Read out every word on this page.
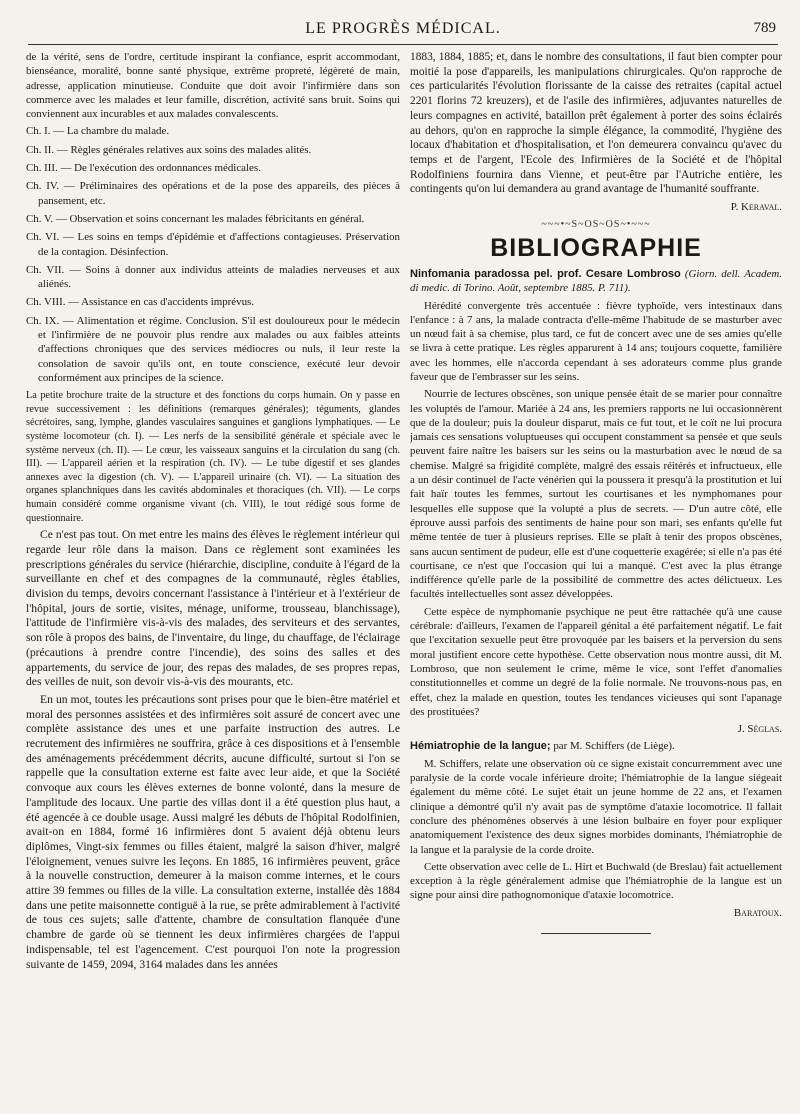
LE PROGRÈS MÉDICAL.	789

de la vérité, sens de l'ordre, certitude inspirant la confiance, esprit accommodant, bienséance, moralité, bonne santé physique, extrême propreté, légèreté de main, adresse, application minutieuse. Conduite que doit avoir l'infirmière dans son commerce avec les malades et leur famille, discrétion, activité sans bruit. Soins qui conviennent aux incurables et aux malades convalescents.

Ch. I. — La chambre du malade.

Ch. II. — Règles générales relatives aux soins des malades alités.

Ch. III. — De l'exécution des ordonnances médicales.

Ch. IV. — Préliminaires des opérations et de la pose des appareils, des pièces à pansement, etc.

Ch. V. — Observation et soins concernant les malades fébricitants en général.

Ch. VI. — Les soins en temps d'épidémie et d'affections contagieuses. Préservation de la contagion. Désinfection.

Ch. VII. — Soins à donner aux individus atteints de maladies nerveuses et aux aliénés.

Ch. VIII. — Assistance en cas d'accidents imprévus.

Ch. IX. — Alimentation et régime. Conclusion. S'il est douloureux pour le médecin et l'infirmière de ne pouvoir plus rendre aux malades ou aux faibles atteints d'affections chroniques que des services médiocres ou nuls, il leur reste la consolation de savoir qu'ils ont, en toute conscience, exécuté leur devoir conformément aux principes de la science.

La petite brochure traite de la structure et des fonctions du corps humain. On y passe en revue successivement : les définitions (remarques générales); téguments, glandes sécrétoires, sang, lymphe, glandes vasculaires sanguines et ganglions lymphatiques. — Le système locomoteur (ch. I). — Les nerfs de la sensibilité générale et spéciale avec le système nerveux (ch. II). — Le cœur, les vaisseaux sanguins et la circulation du sang (ch. III). — L'appareil aérien et la respiration (ch. IV). — Le tube digestif et ses glandes annexes avec la digestion (ch. V). — L'appareil urinaire (ch. VI). — La situation des organes splanchniques dans les cavités abdominales et thoraciques (ch. VII). — Le corps humain considéré comme organisme vivant (ch. VIII), le tout rédigé sous forme de questionnaire.

Ce n'est pas tout. On met entre les mains des élèves le règlement intérieur qui regarde leur rôle dans la maison. Dans ce règlement sont examinées les prescriptions générales du service (hiérarchie, discipline, conduite à l'égard de la surveillante en chef et des compagnes de la communauté, règles établies, division du temps, devoirs concernant l'assistance à l'intérieur et à l'extérieur de l'hôpital, jours de sortie, visites, ménage, uniforme, trousseau, blanchissage), l'attitude de l'infirmière vis-à-vis des malades, des serviteurs et des servantes, son rôle à propos des bains, de l'inventaire, du linge, du chauffage, de l'éclairage (précautions à prendre contre l'incendie), des soins des salles et des appartements, du service de jour, des repas des malades, de ses propres repas, des veilles de nuit, son devoir vis-à-vis des mourants, etc.

En un mot, toutes les précautions sont prises pour que le bien-être matériel et moral des personnes assistées et des infirmières soit assuré de concert avec une complète assistance des unes et une parfaite instruction des autres. Le recrutement des infirmières ne souffrira, grâce à ces dispositions et à l'ensemble des aménagements précédemment décrits, aucune difficulté, surtout si l'on se rappelle que la consultation externe est faite avec leur aide, et que la Société convoque aux cours les élèves externes de bonne volonté, dans la mesure de l'amplitude des locaux. Une partie des villas dont il a été question plus haut, a été agencée à ce double usage. Aussi malgré les débuts de l'hôpital Rodolfinien, avait-on en 1884, formé 16 infirmières dont 5 avaient déjà obtenu leurs diplômes, Vingt-six femmes ou filles étaient, malgré la saison d'hiver, malgré l'éloignement, venues suivre les leçons. En 1885, 16 infirmières peuvent, grâce à la nouvelle construction, demeurer à la maison comme internes, et le cours attire 39 femmes ou filles de la ville. La consultation externe, installée dès 1884 dans une petite maisonnette contiguë à la rue, se prête admirablement à l'activité de tous ces sujets; salle d'attente, chambre de consultation flanquée d'une chambre de garde où se tiennent les deux infirmières chargées de l'appui indispensable, tel est l'agencement. C'est pourquoi l'on note la progression suivante de 1459, 2094, 3164 malades dans les années

1883, 1884, 1885; et, dans le nombre des consultations, il faut bien compter pour moitié la pose d'appareils, les manipulations chirurgicales. Qu'on rapproche de ces particularités l'évolution florissante de la caisse des retraites (capital actuel 2201 florins 72 kreuzers), et de l'asile des infirmières, adjuvantes naturelles de leurs compagnes en activité, bataillon prêt également à porter des soins éclairés au dehors, qu'on en rapproche la simple élégance, la commodité, l'hygiène des locaux d'habitation et d'hospitalisation, et l'on demeurera convaincu qu'avec du temps et de l'argent, l'Ecole des Infirmières de la Société et de l'hôpital Rodolfiniens fournira dans Vienne, et peut-être par l'Autriche entière, les contingents qu'on lui demandera au grand avantage de l'humanité souffrante.

P. Keraval.

~~~•~S~OS~OS~•~~~
BIBLIOGRAPHIE

Ninfomania paradossa pel. prof. Cesare Lombroso (Giorn. dell. Academ. di medic. di Torino. Août, septembre 1885. P. 711).

Hérédité convergente très accentuée : fièvre typhoïde, vers intestinaux dans l'enfance : à 7 ans, la malade contracta d'elle-même l'habitude de se masturber avec un nœud fait à sa chemise, plus tard, ce fut de concert avec une de ses amies qu'elle se livra à cette pratique. Les règles apparurent à 14 ans; toujours coquette, familière avec les hommes, elle n'accorda cependant à ses adorateurs comme plus grande faveur que de l'embrasser sur les seins.

Nourrie de lectures obscènes, son unique pensée était de se marier pour connaître les voluptés de l'amour. Mariée à 24 ans, les premiers rapports ne lui occasionnèrent que de la douleur; puis la douleur disparut, mais ce fut tout, et le coït ne lui procura jamais ces sensations voluptueuses qui occupent constamment sa pensée et que seuls peuvent faire naître les baisers sur les seins ou la masturbation avec le nœud de sa chemise. Malgré sa frigidité complète, malgré des essais réitérés et infructueux, elle a un désir continuel de l'acte vénérien qui la poussera it presqu'à la prostitution et lui fait haïr toutes les femmes, surtout les courtisanes et les nymphomanes pour lesquelles elle suppose que la volupté a plus de secrets. — D'un autre côté, elle éprouve aussi parfois des sentiments de haine pour son mari, ses enfants qu'elle fut même tentée de tuer à plusieurs reprises. Elle se plaît à tenir des propos obscènes, sans aucun sentiment de pudeur, elle est d'une coquetterie exagérée; si elle n'a pas été courtisane, ce n'est que l'occasion qui lui a manqué. C'est avec la plus étrange indifférence qu'elle parle de la possibilité de commettre des actes délictueux. Les facultés intellectuelles sont assez développées.

Cette espèce de nymphomanie psychique ne peut être rattachée qu'à une cause cérébrale: d'ailleurs, l'examen de l'appareil génital a été parfaitement négatif. Le fait que l'excitation sexuelle peut être provoquée par les baisers et la perversion du sens moral justifient encore cette hypothèse. Cette observation nous montre aussi, dit M. Lombroso, que non seulement le crime, même le vice, sont l'effet d'anomalies constitutionnelles et comme un degré de la folie normale. Ne trouvons-nous pas, en effet, chez la malade en question, toutes les tendances vicieuses qui sont l'apanage des prostituées?

J. Séglas.

Hémiatrophie de la langue; par M. Schiffers (de Liège).

M. Schiffers, relate une observation où ce signe existait concurremment avec une paralysie de la corde vocale inférieure droite; l'hémiatrophie de la langue siégeait également du même côté. Le sujet était un jeune homme de 22 ans, et l'examen clinique a démontré qu'il n'y avait pas de symptôme d'ataxie locomotrice. Il fallait conclure des phénomènes observés à une lésion bulbaire en foyer pour expliquer anatomiquement l'existence des deux signes morbides dominants, l'hémiatrophie de la langue et la paralysie de la corde droite.

Cette observation avec celle de L. Hirt et Buchwald (de Breslau) fait actuellement exception à la règle généralement admise que l'hémiatrophie de la langue est un signe pour ainsi dire pathognomonique d'ataxie locomotrice.

Baratoux.
